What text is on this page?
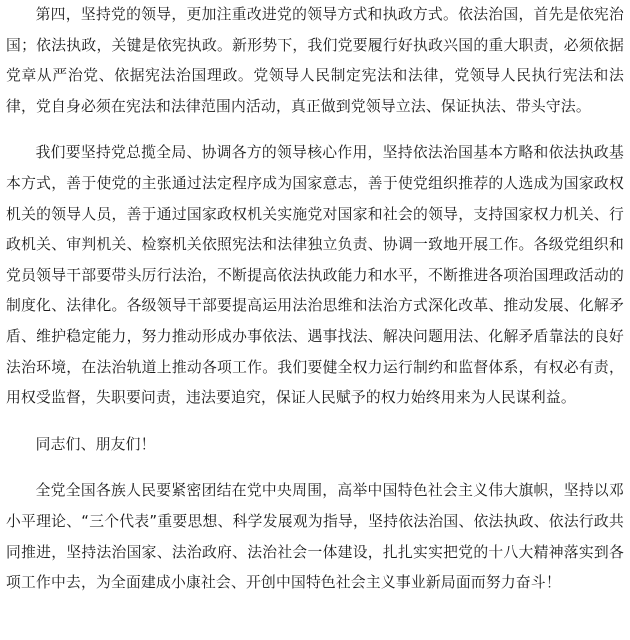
第四，坚持党的领导，更加注重改进党的领导方式和执政方式。依法治国，首先是依宪治国；依法执政，关键是依宪执政。新形势下，我们党要履行好执政兴国的重大职责，必须依据党章从严治党、依据宪法治国理政。党领导人民制定宪法和法律，党领导人民执行宪法和法律，党自身必须在宪法和法律范围内活动，真正做到党领导立法、保证执法、带头守法。

我们要坚持党总揽全局、协调各方的领导核心作用，坚持依法治国基本方略和依法执政基本方式，善于使党的主张通过法定程序成为国家意志，善于使党组织推荐的人选成为国家政权机关的领导人员，善于通过国家政权机关实施党对国家和社会的领导，支持国家权力机关、行政机关、审判机关、检察机关依照宪法和法律独立负责、协调一致地开展工作。各级党组织和党员领导干部要带头厉行法治，不断提高依法执政能力和水平，不断推进各项治国理政活动的制度化、法律化。各级领导干部要提高运用法治思维和法治方式深化改革、推动发展、化解矛盾、维护稳定能力，努力推动形成办事依法、遇事找法、解决问题用法、化解矛盾靠法的良好法治环境，在法治轨道上推动各项工作。我们要健全权力运行制约和监督体系，有权必有责，用权受监督，失职要问责，违法要追究，保证人民赋予的权力始终用来为人民谋利益。

同志们、朋友们！

全党全国各族人民要紧密团结在党中央周围，高举中国特色社会主义伟大旗帜，坚持以邓小平理论、“三个代表”重要思想、科学发展观为指导，坚持依法治国、依法执政、依法行政共同推进，坚持法治国家、法治政府、法治社会一体建设，扎扎实实把党的十八大精神落实到各项工作中去，为全面建成小康社会、开创中国特色社会主义事业新局面而努力奋斗！
